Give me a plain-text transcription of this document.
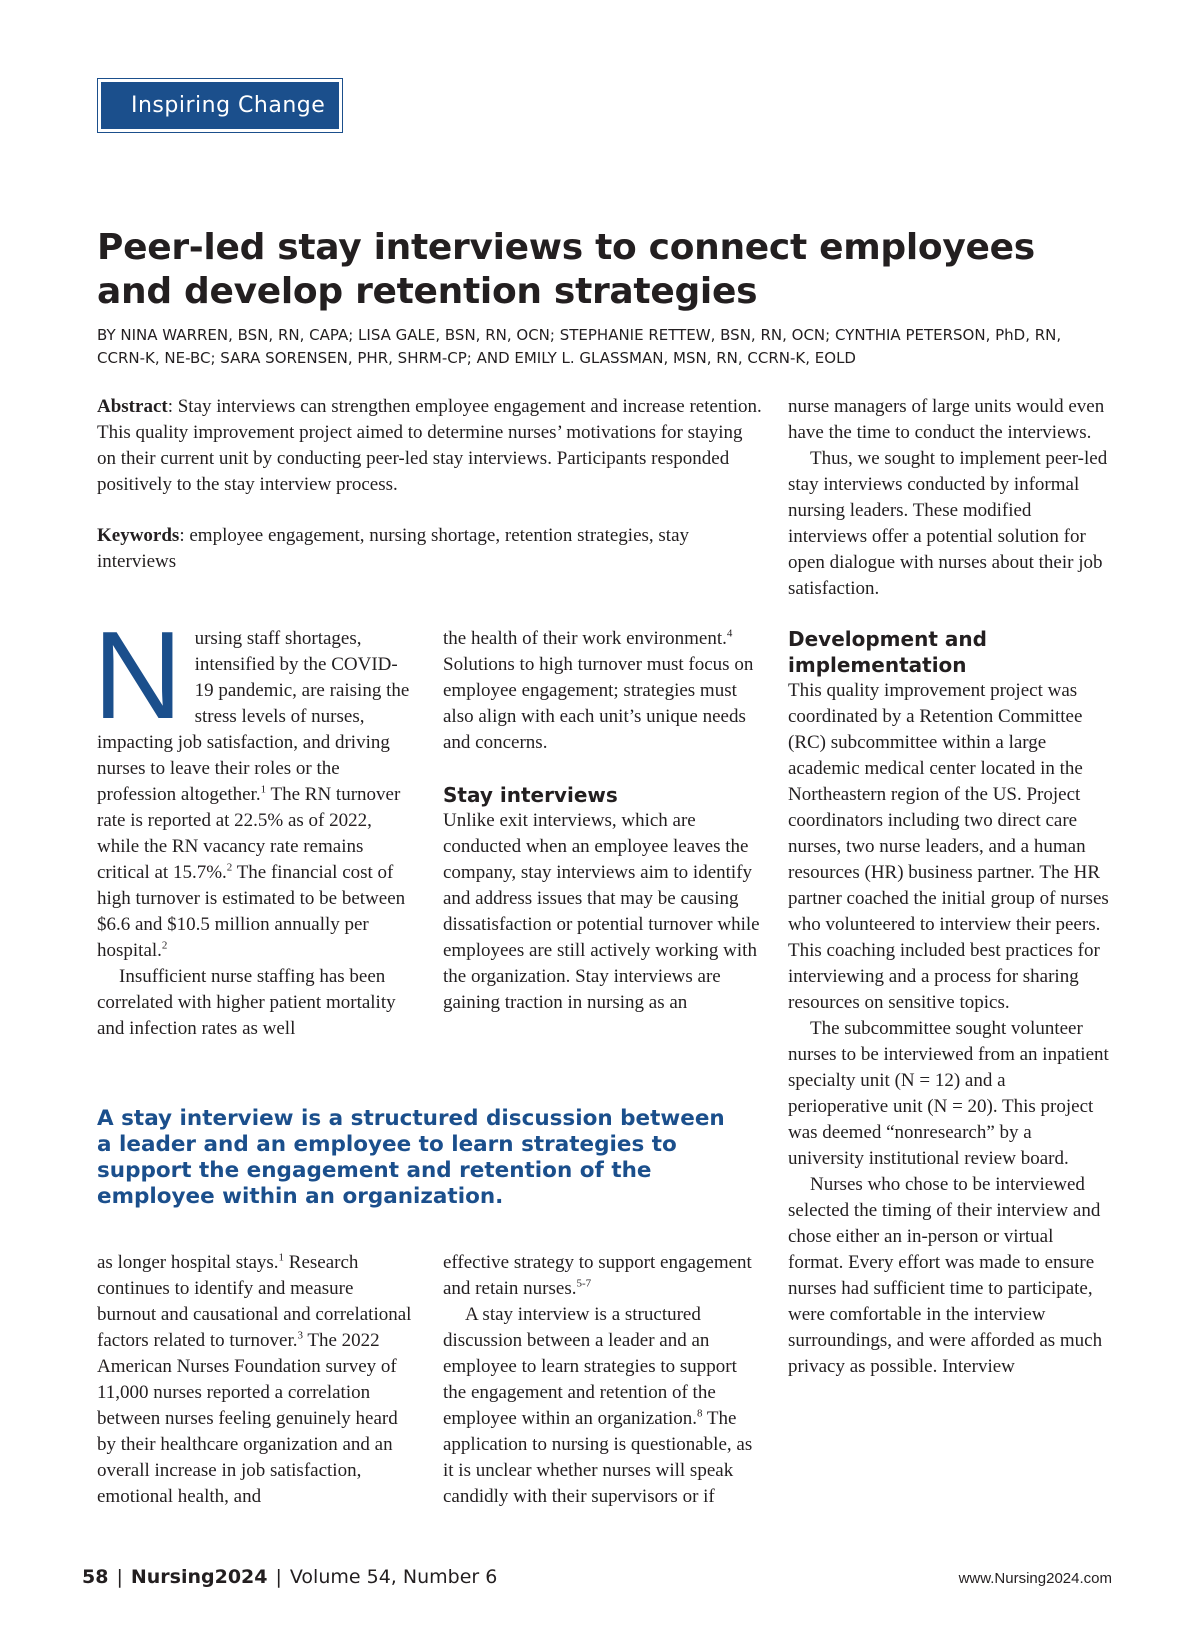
Inspiring Change
Peer-led stay interviews to connect employees and develop retention strategies
BY NINA WARREN, BSN, RN, CAPA; LISA GALE, BSN, RN, OCN; STEPHANIE RETTEW, BSN, RN, OCN; CYNTHIA PETERSON, PhD, RN, CCRN-K, NE-BC; SARA SORENSEN, PHR, SHRM-CP; AND EMILY L. GLASSMAN, MSN, RN, CCRN-K, EOLD
Abstract: Stay interviews can strengthen employee engagement and increase retention. This quality improvement project aimed to determine nurses’ motivations for staying on their current unit by conducting peer-led stay interviews. Participants responded positively to the stay interview process.
Keywords: employee engagement, nursing shortage, retention strategies, stay interviews

Nursing staff shortages, intensified by the COVID-19 pandemic, are raising the stress levels of nurses, impacting job satisfaction, and driving nurses to leave their roles or the profession altogether.$^1$ The RN turnover rate is reported at 22.5% as of 2022, while the RN vacancy rate remains critical at 15.7%.$^2$ The financial cost of high turnover is estimated to be between $6.6 and $10.5 million annually per hospital.$^2$

Insufficient nurse staffing has been correlated with higher patient mortality and infection rates as well

the health of their work environment.$^4$ Solutions to high turnover must focus on employee engagement; strategies must also align with each unit’s unique needs and concerns.

Stay interviews

Unlike exit interviews, which are conducted when an employee leaves the company, stay interviews aim to identify and address issues that may be causing dissatisfaction or potential turnover while employees are still actively working with the organization. Stay interviews are gaining traction in nursing as an

A stay interview is a structured discussion between a leader and an employee to learn strategies to support the engagement and retention of the employee within an organization.

as longer hospital stays.$^1$ Research continues to identify and measure burnout and causational and correlational factors related to turnover.$^3$ The 2022 American Nurses Foundation survey of 11,000 nurses reported a correlation between nurses feeling genuinely heard by their healthcare organization and an overall increase in job satisfaction, emotional health, and

effective strategy to support engagement and retain nurses.$^{5-7}$

A stay interview is a structured discussion between a leader and an employee to learn strategies to support the engagement and retention of the employee within an organization.$^8$ The application to nursing is questionable, as it is unclear whether nurses will speak candidly with their supervisors or if

nurse managers of large units would even have the time to conduct the interviews.

Thus, we sought to implement peer-led stay interviews conducted by informal nursing leaders. These modified interviews offer a potential solution for open dialogue with nurses about their job satisfaction.

Development and implementation

This quality improvement project was coordinated by a Retention Committee (RC) subcommittee within a large academic medical center located in the Northeastern region of the US. Project coordinators including two direct care nurses, two nurse leaders, and a human resources (HR) business partner. The HR partner coached the initial group of nurses who volunteered to interview their peers. This coaching included best practices for interviewing and a process for sharing resources on sensitive topics.

The subcommittee sought volunteer nurses to be interviewed from an inpatient specialty unit (N = 12) and a perioperative unit (N = 20). This project was deemed “nonresearch” by a university institutional review board.

Nurses who chose to be interviewed selected the timing of their interview and chose either an in-person or virtual format. Every effort was made to ensure nurses had sufficient time to participate, were comfortable in the interview surroundings, and were afforded as much privacy as possible. Interview

58 | Nursing2024 | Volume 54, Number 6	www.Nursing2024.com
